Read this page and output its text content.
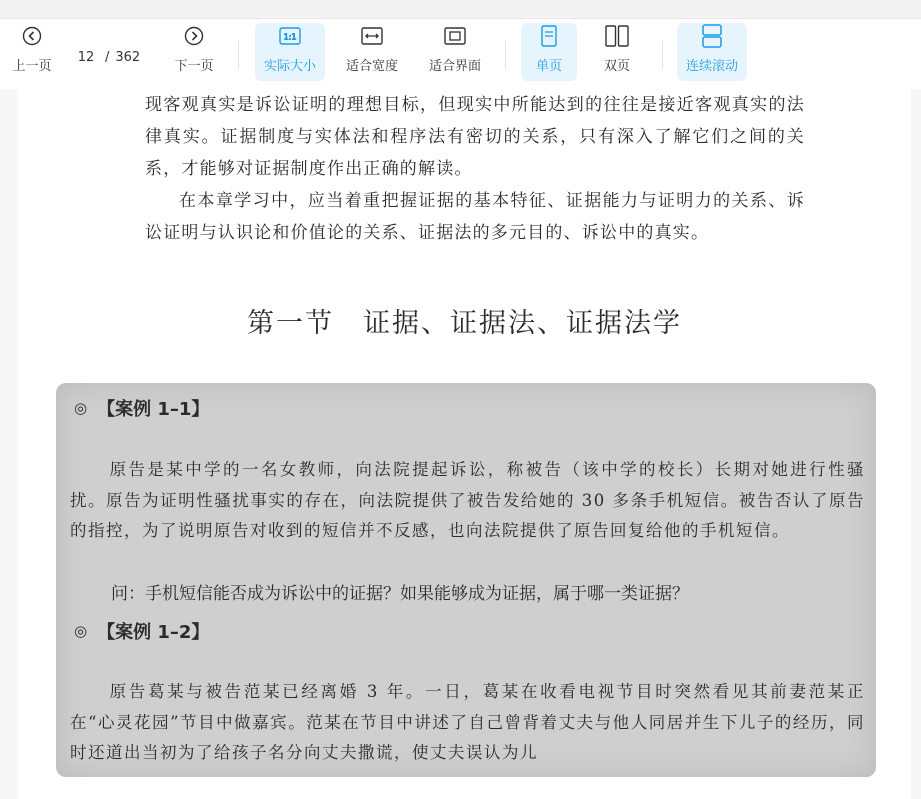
上一页
12
/ 362
下一页
1:1
实际大小 适合宽度 适合界面	单页	双页	连续滚动
现客观真实是诉讼证明的理想目标，但现实中所能达到的往往是接近客观真实的法律真实。证据制度与实体法和程序法有密切的关系，只有深入了解它们之间的关系，才能够对证据制度作出正确的解读。
在本章学习中，应当着重把握证据的基本特征、证据能力与证明力的关系、诉讼证明与认识论和价值论的关系、证据法的多元目的、诉讼中的真实。
第一节　证据、证据法、证据法学
◎ 【案例 1–1】
原告是某中学的一名女教师，向法院提起诉讼，称被告（该中学的校长）长期对她进行性骚扰。原告为证明性骚扰事实的存在，向法院提供了被告发给她的 30 多条手机短信。被告否认了原告的指控，为了说明原告对收到的短信并不反感，也向法院提供了原告回复给他的手机短信。
问：手机短信能否成为诉讼中的证据？如果能够成为证据，属于哪一类证据？
◎ 【案例 1–2】
原告葛某与被告范某已经离婚 3 年。一日，葛某在收看电视节目时突然看见其前妻范某正在“心灵花园”节目中做嘉宾。范某在节目中讲述了自己曾背着丈夫与他人同居并生下儿子的经历，同时还道出当初为了给孩子名分向丈夫撒谎，使丈夫误认为儿
